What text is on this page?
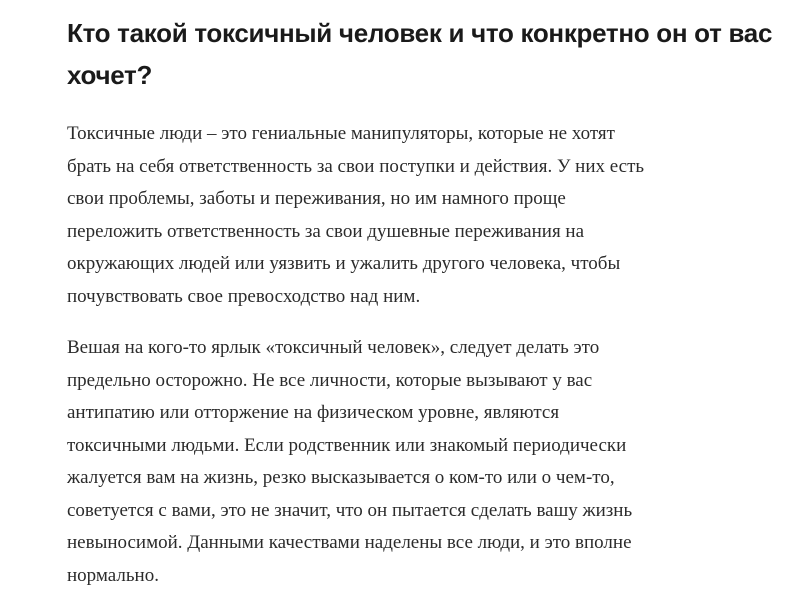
Кто такой токсичный человек и что конкретно он от вас
хочет?

Токсичные люди – это гениальные манипуляторы, которые не хотят
брать на себя ответственность за свои поступки и действия. У них есть
свои проблемы, заботы и переживания, но им намного проще
переложить ответственность за свои душевные переживания на
окружающих людей или уязвить и ужалить другого человека, чтобы
почувствовать свое превосходство над ним.

Вешая на кого-то ярлык «токсичный человек», следует делать это
предельно осторожно. Не все личности, которые вызывают у вас
антипатию или отторжение на физическом уровне, являются
токсичными людьми. Если родственник или знакомый периодически
жалуется вам на жизнь, резко высказывается о ком-то или о чем-то,
советуется с вами, это не значит, что он пытается сделать вашу жизнь
невыносимой. Данными качествами наделены все люди, и это вполне
нормально.
